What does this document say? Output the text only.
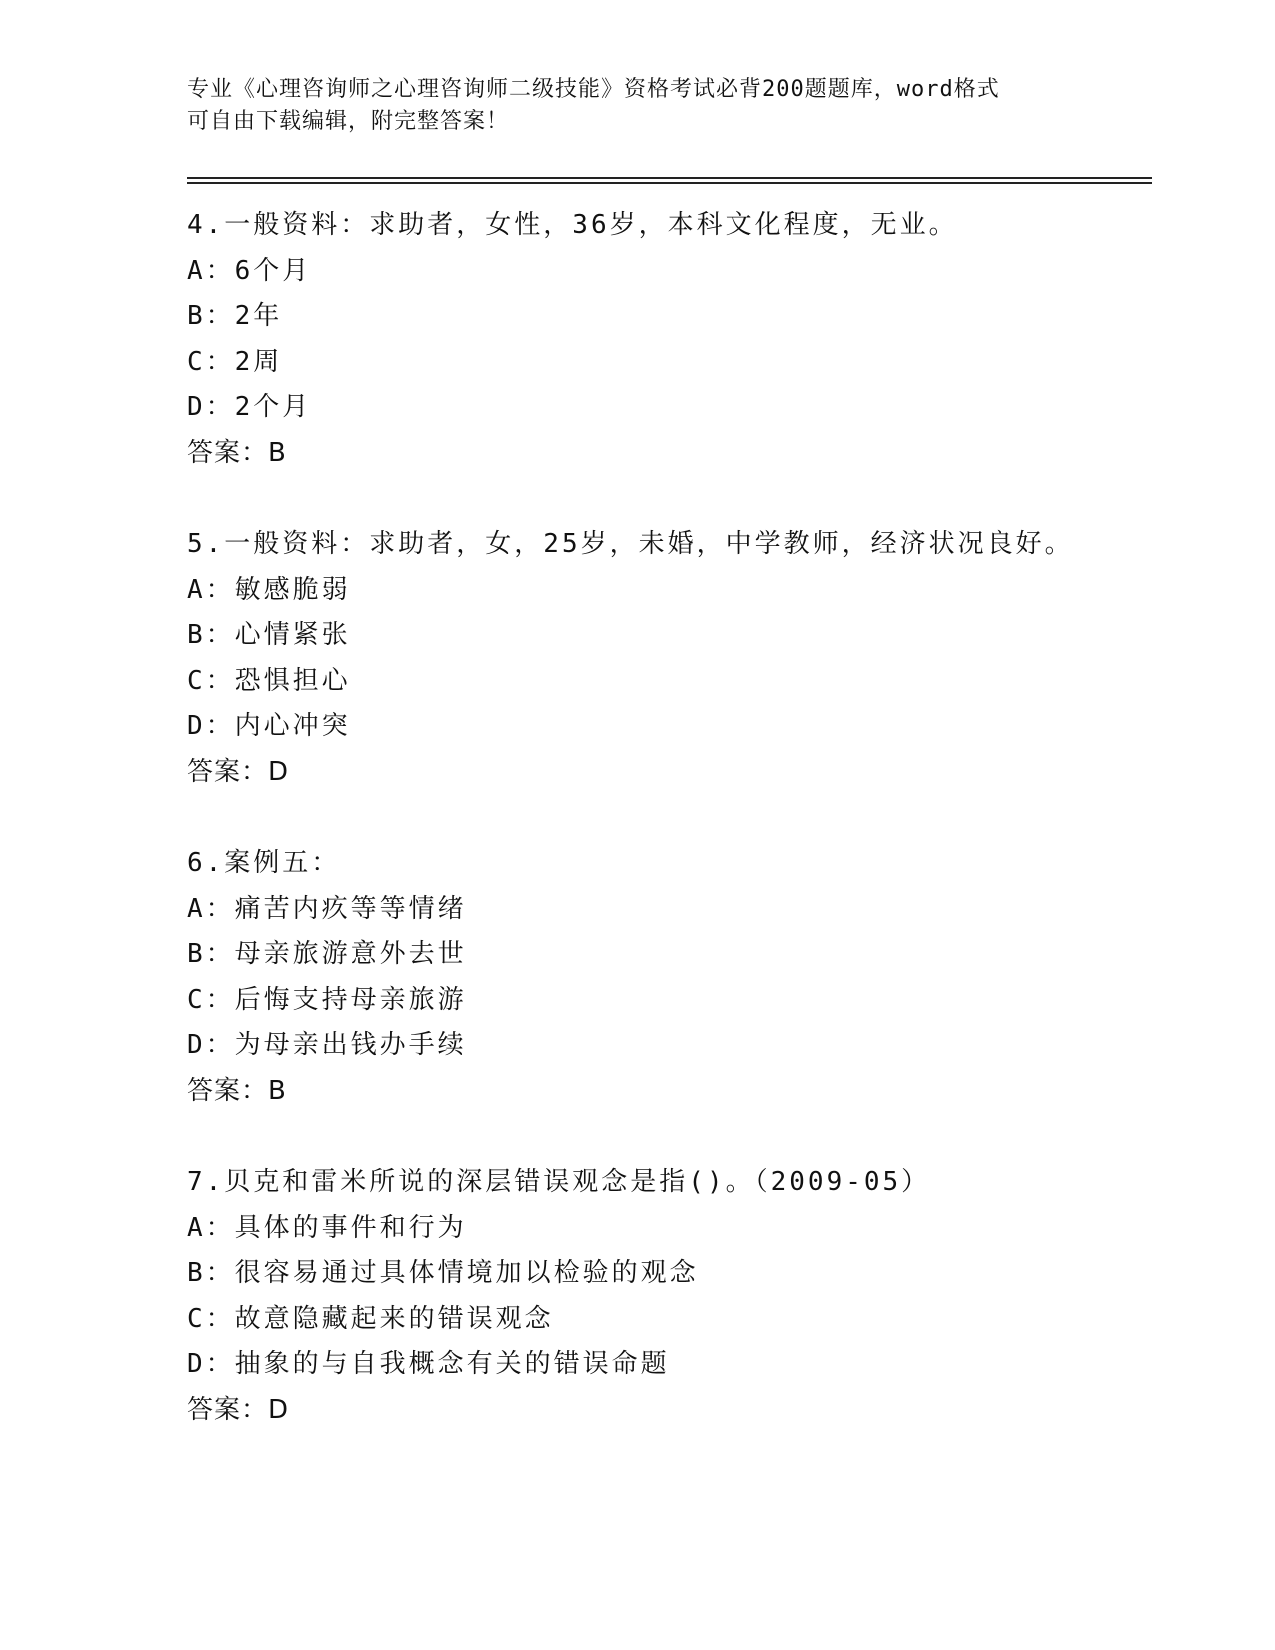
专业《心理咨询师之心理咨询师二级技能》资格考试必背200题题库，word格式
可自由下载编辑，附完整答案！
4.一般资料：求助者，女性，36岁，本科文化程度，无业。
A：6个月
B：2年
C：2周
D：2个月
答案：B
5.一般资料：求助者，女，25岁，未婚，中学教师，经济状况良好。
A：敏感脆弱
B：心情紧张
C：恐惧担心
D：内心冲突
答案：D
6.案例五：
A：痛苦内疚等等情绪
B：母亲旅游意外去世
C：后悔支持母亲旅游
D：为母亲出钱办手续
答案：B
7.贝克和雷米所说的深层错误观念是指()。（2009-05）
A：具体的事件和行为
B：很容易通过具体情境加以检验的观念
C：故意隐藏起来的错误观念
D：抽象的与自我概念有关的错误命题
答案：D
